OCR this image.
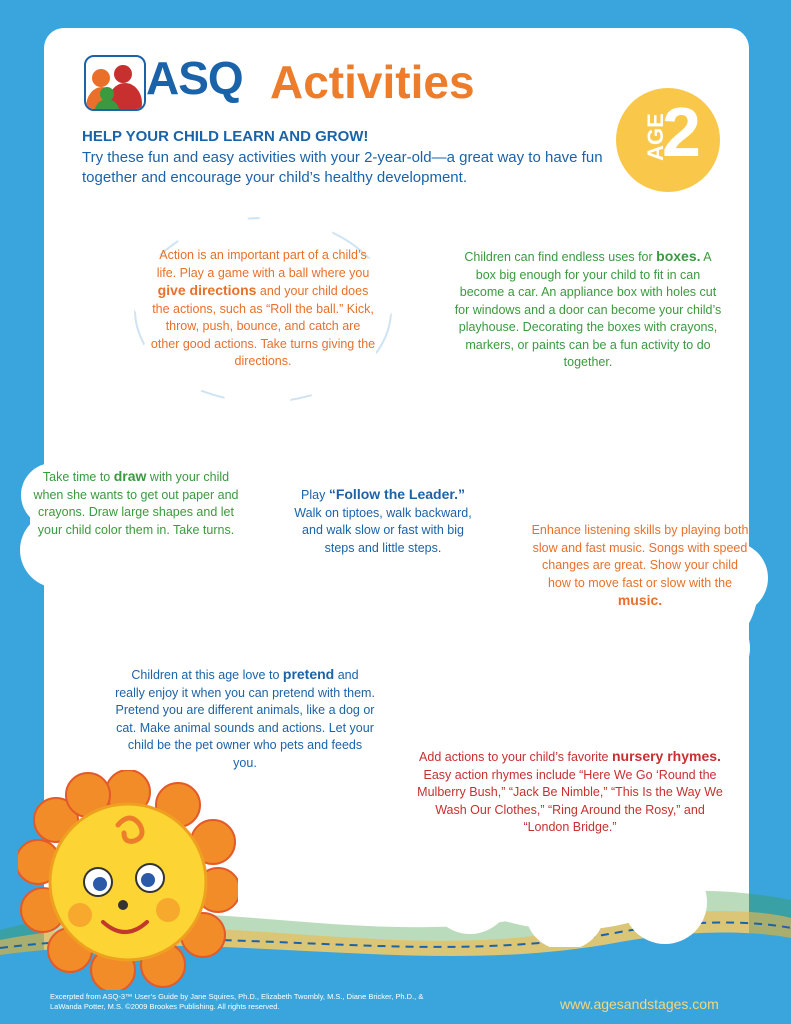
ASQ Activities
AGE
2
HELP YOUR CHILD LEARN AND GROW!
Try these fun and easy activities with your 2-year-old—a great way to have fun together and encourage your child’s healthy development.
Action is an important part of a child’s life. Play a game with a ball where you give directions and your child does the actions, such as “Roll the ball.” Kick, throw, push, bounce, and catch are other good actions. Take turns giving the directions.
Children can find endless uses for boxes. A box big enough for your child to fit in can become a car. An appliance box with holes cut for windows and a door can become your child’s playhouse. Decorating the boxes with crayons, markers, or paints can be a fun activity to do together.
Take time to draw with your child when she wants to get out paper and crayons. Draw large shapes and let your child color them in. Take turns.
Play “Follow the Leader.” Walk on tiptoes, walk backward, and walk slow or fast with big steps and little steps.
Enhance listening skills by playing both slow and fast music. Songs with speed changes are great. Show your child how to move fast or slow with the music.
Children at this age love to pretend and really enjoy it when you can pretend with them. Pretend you are different animals, like a dog or cat. Make animal sounds and actions. Let your child be the pet owner who pets and feeds you.	Add actions to your child’s favorite nursery rhymes. Easy action rhymes include “Here We Go ‘Round the Mulberry Bush,” “Jack Be Nimble,” “This Is the Way We Wash Our Clothes,” “Ring Around the Rosy,” and “London Bridge.”
Excerpted from ASQ-3™ User’s Guide by Jane Squires, Ph.D., Elizabeth Twombly, M.S., Diane Bricker, Ph.D., & LaWanda Potter, M.S. ©2009 Brookes Publishing. All rights reserved.	www.agesandstages.com
